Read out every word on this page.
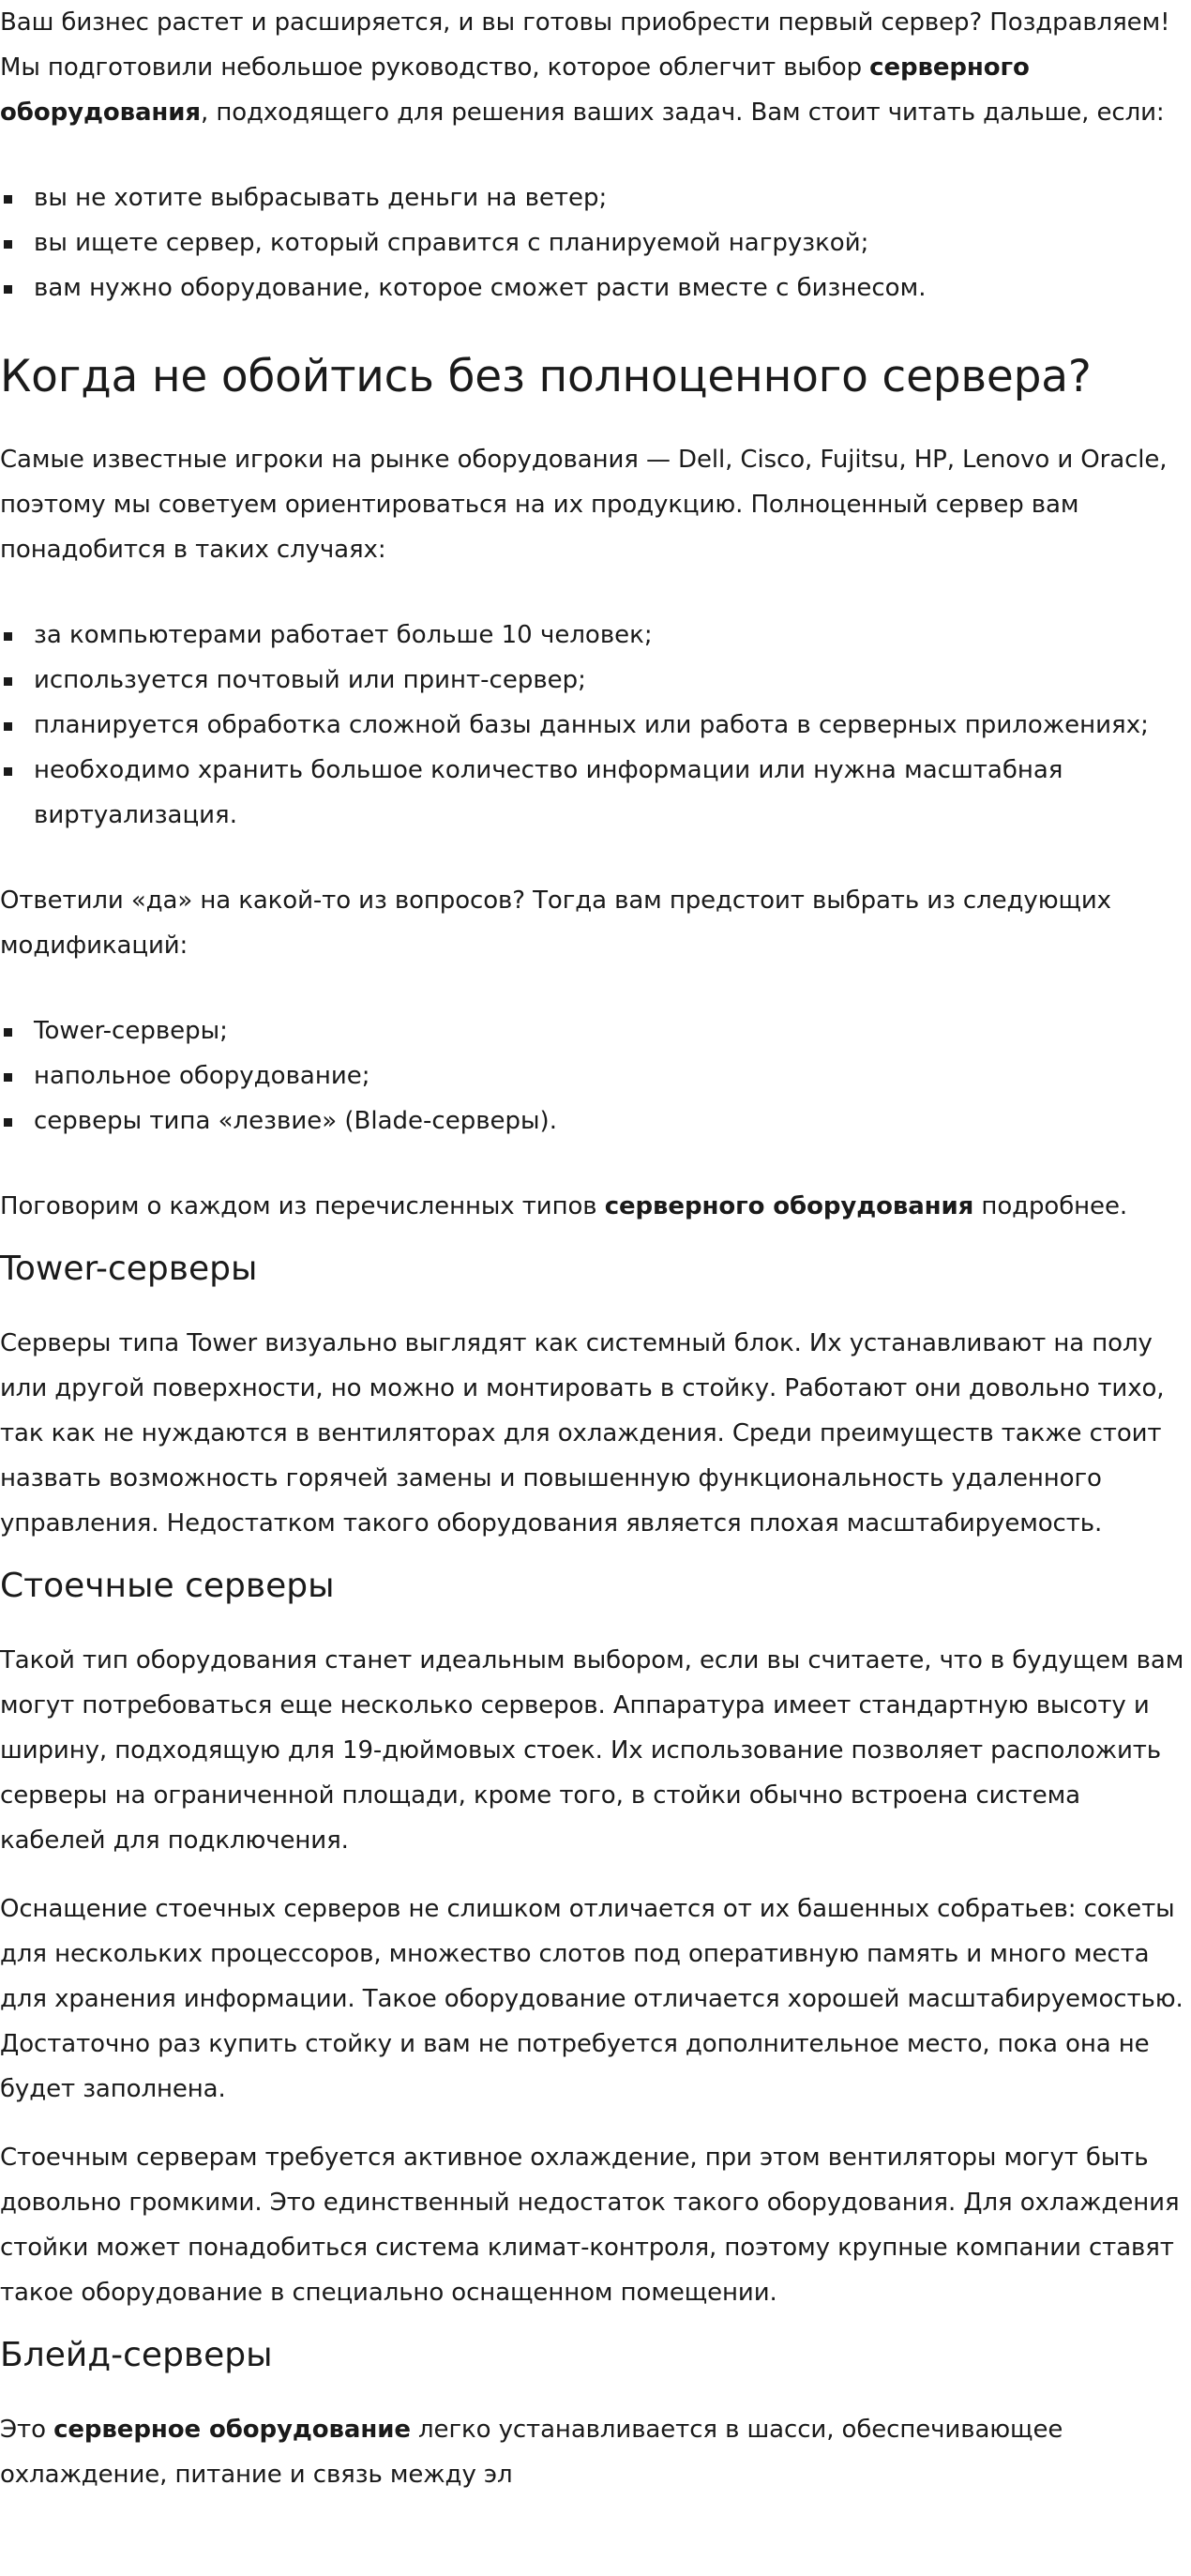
Ваш бизнес растет и расширяется, и вы готовы приобрести первый сервер? Поздравляем! Мы подготовили небольшое руководство, которое облегчит выбор серверного оборудования, подходящего для решения ваших задач. Вам стоит читать дальше, если:

вы не хотите выбрасывать деньги на ветер;
вы ищете сервер, который справится с планируемой нагрузкой;
вам нужно оборудование, которое сможет расти вместе с бизнесом.
Когда не обойтись без полноценного сервера?

Самые известные игроки на рынке оборудования — Dell, Cisco, Fujitsu, HP, Lenovo и Oracle, поэтому мы советуем ориентироваться на их продукцию. Полноценный сервер вам понадобится в таких случаях:

за компьютерами работает больше 10 человек;
используется почтовый или принт-сервер;
планируется обработка сложной базы данных или работа в серверных приложениях;
необходимо хранить большое количество информации или нужна масштабная виртуализация.

Ответили «да» на какой-то из вопросов? Тогда вам предстоит выбрать из следующих модификаций:

Tower-серверы;
напольное оборудование;
серверы типа «лезвие» (Blade-серверы).

Поговорим о каждом из перечисленных типов серверного оборудования подробнее.

Tower-серверы

Серверы типа Tower визуально выглядят как системный блок. Их устанавливают на полу или другой поверхности, но можно и монтировать в стойку. Работают они довольно тихо, так как не нуждаются в вентиляторах для охлаждения. Среди преимуществ также стоит назвать возможность горячей замены и повышенную функциональность удаленного управления. Недостатком такого оборудования является плохая масштабируемость.

Стоечные серверы

Такой тип оборудования станет идеальным выбором, если вы считаете, что в будущем вам могут потребоваться еще несколько серверов. Аппаратура имеет стандартную высоту и ширину, подходящую для 19-дюймовых стоек. Их использование позволяет расположить серверы на ограниченной площади, кроме того, в стойки обычно встроена система кабелей для подключения.

Оснащение стоечных серверов не слишком отличается от их башенных собратьев: сокеты для нескольких процессоров, множество слотов под оперативную память и много места для хранения информации. Такое оборудование отличается хорошей масштабируемостью. Достаточно раз купить стойку и вам не потребуется дополнительное место, пока она не будет заполнена.

Стоечным серверам требуется активное охлаждение, при этом вентиляторы могут быть довольно громкими. Это единственный недостаток такого оборудования. Для охлаждения стойки может понадобиться система климат-контроля, поэтому крупные компании ставят такое оборудование в специально оснащенном помещении.

Блейд-серверы

Это серверное оборудование легко устанавливается в шасси, обеспечивающее охлаждение, питание и связь между эл
